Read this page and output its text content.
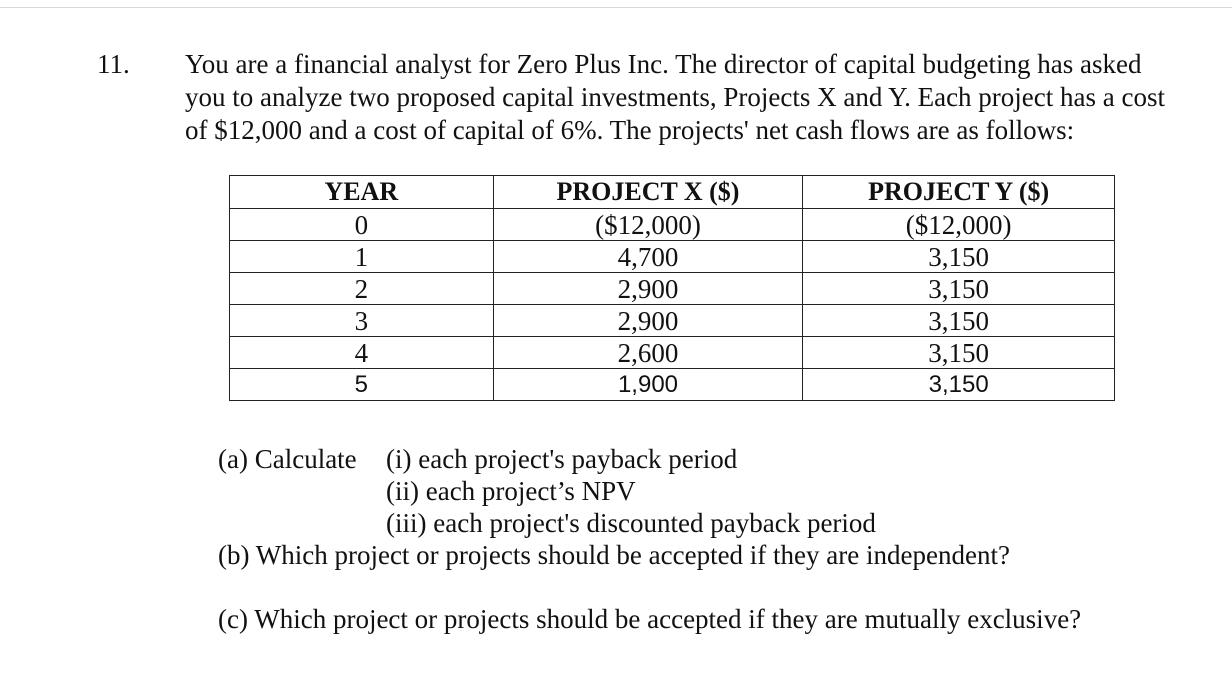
11. You are a financial analyst for Zero Plus Inc. The director of capital budgeting has asked
you to analyze two proposed capital investments, Projects X and Y. Each project has a cost
of $12,000 and a cost of capital of 6%. The projects' net cash flows are as follows:
YEAR	PROJECT X ($)	PROJECT Y ($)
0	($12,000)	($12,000)
1	4,700	3,150
2	2,900	3,150
3	2,900	3,150
4	2,600	3,150
5	1,900	3,150
(a) Calculate	(i) each project's payback period
(ii) each project’s NPV
(iii) each project's discounted payback period
(b) Which project or projects should be accepted if they are independent?
(c) Which project or projects should be accepted if they are mutually exclusive?
